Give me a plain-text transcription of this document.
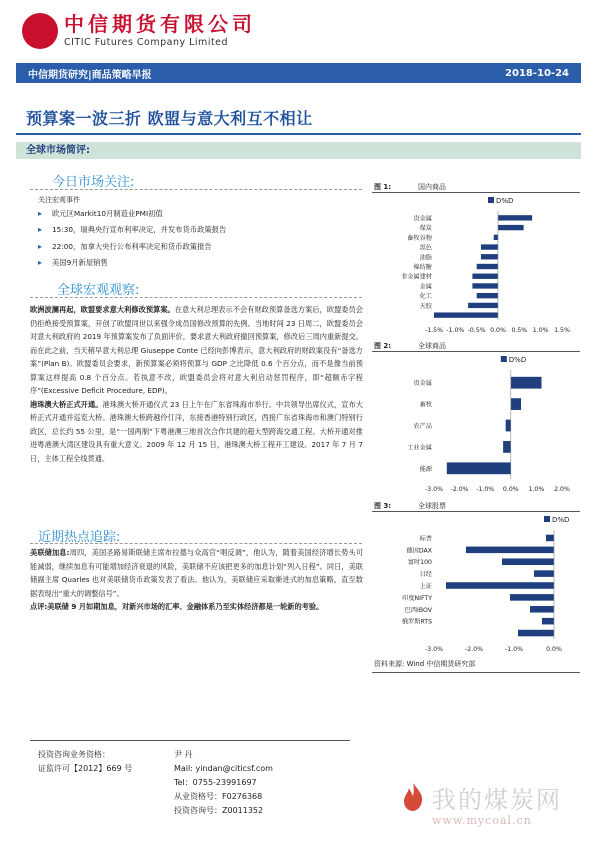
中信期货有限公司
CITIC Futures Company Limited
中信期货研究|商品策略早报	2018-10-24
预算案一波三折 欧盟与意大利互不相让
全球市场简评:
今日市场关注:
关注宏观事件
▸ 欧元区Markit10月制造业PMI初值
▸ 15:30，瑞典央行宣布利率决定，并发布货币政策报告
▸ 22:00，加拿大央行公布利率决定和货币政策报告
▸ 美国9月新屋销售
全球宏观观察:
欧洲波澜再起，欧盟要求意大利修改预算案。在意大利总理表示不会有财政预算备选方案后，欧盟委员会仍拒绝接受预算案，开创了欧盟同世以来强令成员国修改预算的先例。当地时间 23 日周二，欧盟委员会对意大利政府的 2019 年预算案发布了负面评价，要求意大利政府撤回预算案，修改后三周内重新提交。而在此之前，当天稍早意大利总理 Giuseppe Conte 已经向彭博表示，意大利政府的财政案没有“备选方案”(Plan B)。欧盟委员会要求，新预算案必须将预算与 GDP 之比降低 0.6 个百分点，而不是像当前预算案这样提高 0.8 个百分点。若执意不改，欧盟委员会将对意大利启动惩罚程序，即“超额赤字程序”(Excessive Deficit Procedure, EDP)。
港珠澳大桥正式开通。港珠澳大桥开通仪式 23 日上午在广东省珠海市举行。中共领导出席仪式，宣布大桥正式开通并巡览大桥。港珠澳大桥跨越伶仃洋，东接香港特别行政区，西接广东省珠海市和澳门特别行政区，总长约 55 公里，是“一国两制”下粤港澳三地首次合作共建的超大型跨海交通工程。大桥开通对推进粤港澳大湾区建设具有重大意义。2009 年 12 月 15 日，港珠澳大桥工程开工建设。2017 年 7 月 7 日，主体工程全线贯通。
近期热点追踪:
美联储加息:周四，美国圣路易斯联储主席布拉德与众高官“唱反调”，他认为，随着美国经济增长势头可能减弱，继续加息有可能增加经济衰退的风险，美联储不应该把更多的加息计划“列入日程”。同日，美联储副主席 Quarles 也对美联储货币政策发表了看法。他认为，美联储应采取渐进式的加息策略，直至数据表现出“重大的调整信号”。
点评:美联储 9 月如期加息，对新兴市场的汇率、金融体系乃至实体经济都是一轮新的考验。
图 1:	国内商品
D%D
贵金属
煤炭
畜牧谷物
黑色
油脂
棉纺糖
非金属建材
金属
化工
天胶
-1.5% -1.0% -0.5% 0.0% 0.5% 1.0% 1.5%
图 2:	全球商品
D%D
贵金属
畜牧
农产品
工业金属
能源
-3.0% -2.0% -1.0% 0.0% 1.0% 2.0%
图 3:	全球股票
D%D
标普
德国DAX
富时100
日经
上证
印度NIFTY
巴西IBOV
俄罗斯RTS
-3.0%	-2.0%	-1.0%	0.0%
资料来源: Wind 中信期货研究部
投资咨询业务资格：
证监许可【2012】669 号
尹 丹
Mail: yindan@citicsf.com
Tel：0755-23991697
从业资格号：F0276368
投资咨询号：Z0011352	我的煤炭网
www.mycoal.cn
